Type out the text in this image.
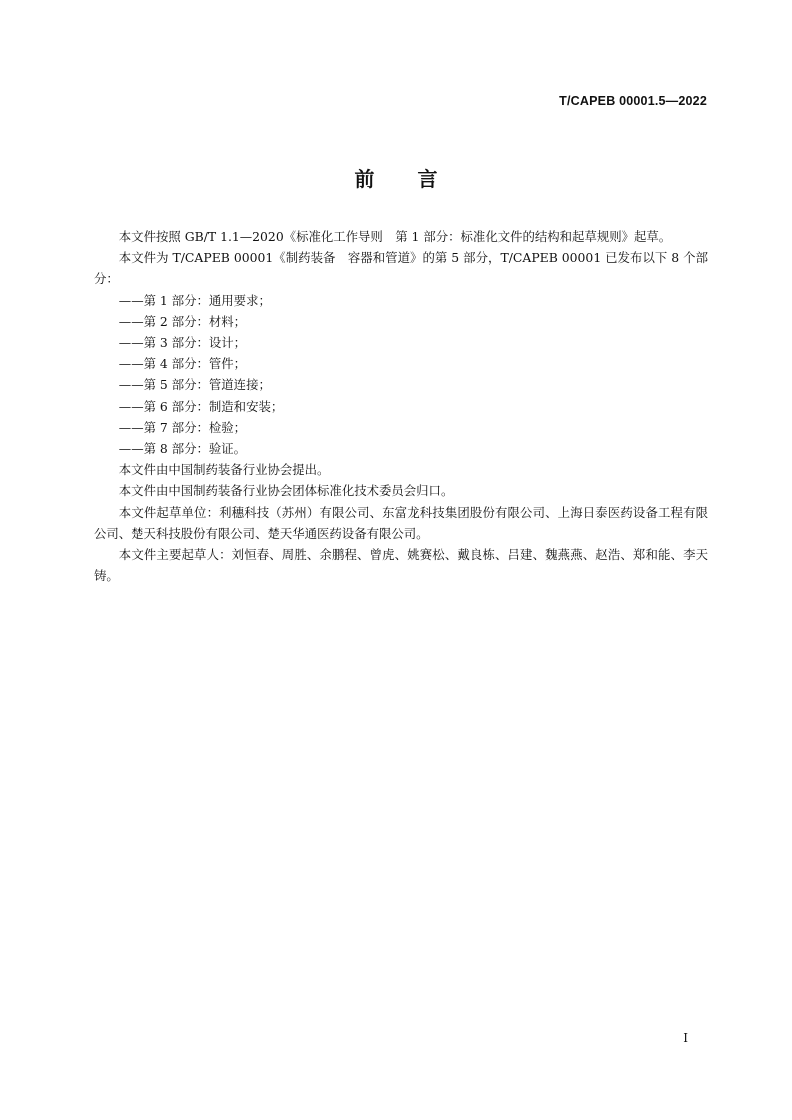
T/CAPEB 00001.5—2022
前 言

本文件按照 GB/T 1.1—2020《标准化工作导则　第 1 部分：标准化文件的结构和起草规则》起草。

本文件为 T/CAPEB 00001《制药装备　容器和管道》的第 5 部分，T/CAPEB 00001 已发布以下 8 个部分：

——第 1 部分：通用要求；

——第 2 部分：材料；

——第 3 部分：设计；

——第 4 部分：管件；

——第 5 部分：管道连接；

——第 6 部分：制造和安装；

——第 7 部分：检验；

——第 8 部分：验证。

本文件由中国制药装备行业协会提出。

本文件由中国制药装备行业协会团体标准化技术委员会归口。

本文件起草单位：利穗科技（苏州）有限公司、东富龙科技集团股份有限公司、上海日泰医药设备工程有限公司、楚天科技股份有限公司、楚天华通医药设备有限公司。

本文件主要起草人：刘恒春、周胜、余鹏程、曾虎、姚赛松、戴良栋、吕建、魏燕燕、赵浩、郑和能、李天铸。

I
